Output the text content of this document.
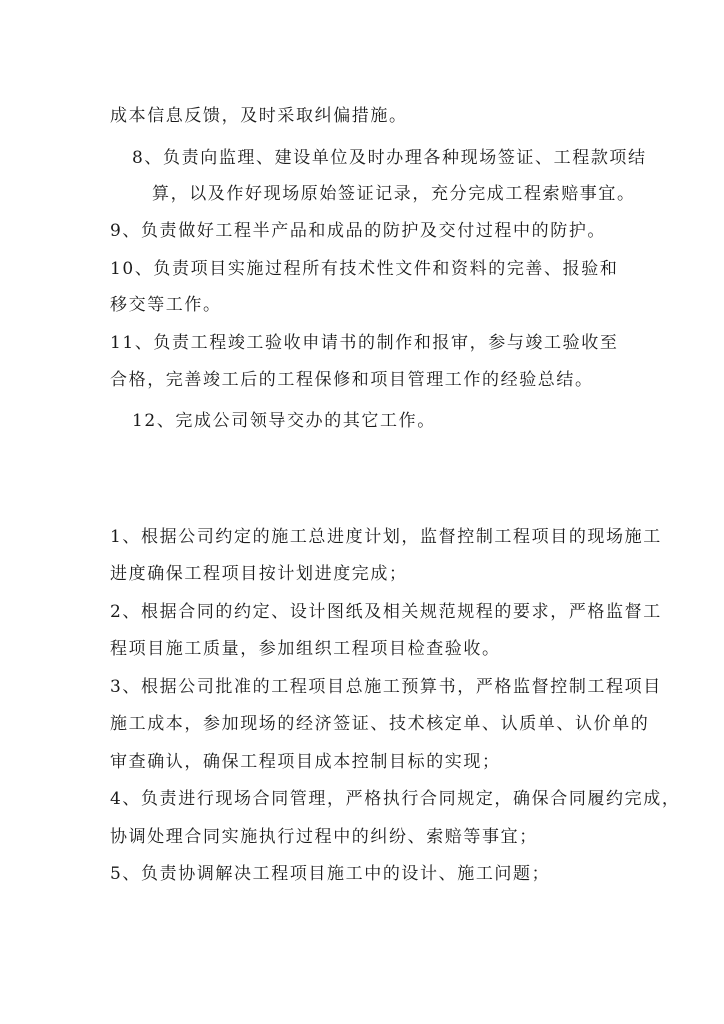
成本信息反馈，及时采取纠偏措施。
8、负责向监理、建设单位及时办理各种现场签证、工程款项结
算，以及作好现场原始签证记录，充分完成工程索赔事宜。
9、负责做好工程半产品和成品的防护及交付过程中的防护。
10、负责项目实施过程所有技术性文件和资料的完善、报验和
移交等工作。
11、负责工程竣工验收申请书的制作和报审，参与竣工验收至
合格，完善竣工后的工程保修和项目管理工作的经验总结。
12、完成公司领导交办的其它工作。
1、根据公司约定的施工总进度计划，监督控制工程项目的现场施工
进度确保工程项目按计划进度完成；
2、根据合同的约定、设计图纸及相关规范规程的要求，严格监督工
程项目施工质量，参加组织工程项目检查验收。
3、根据公司批准的工程项目总施工预算书，严格监督控制工程项目
施工成本，参加现场的经济签证、技术核定单、认质单、认价单的
审查确认，确保工程项目成本控制目标的实现；
4、负责进行现场合同管理，严格执行合同规定，确保合同履约完成，
协调处理合同实施执行过程中的纠纷、索赔等事宜；
5、负责协调解决工程项目施工中的设计、施工问题；
